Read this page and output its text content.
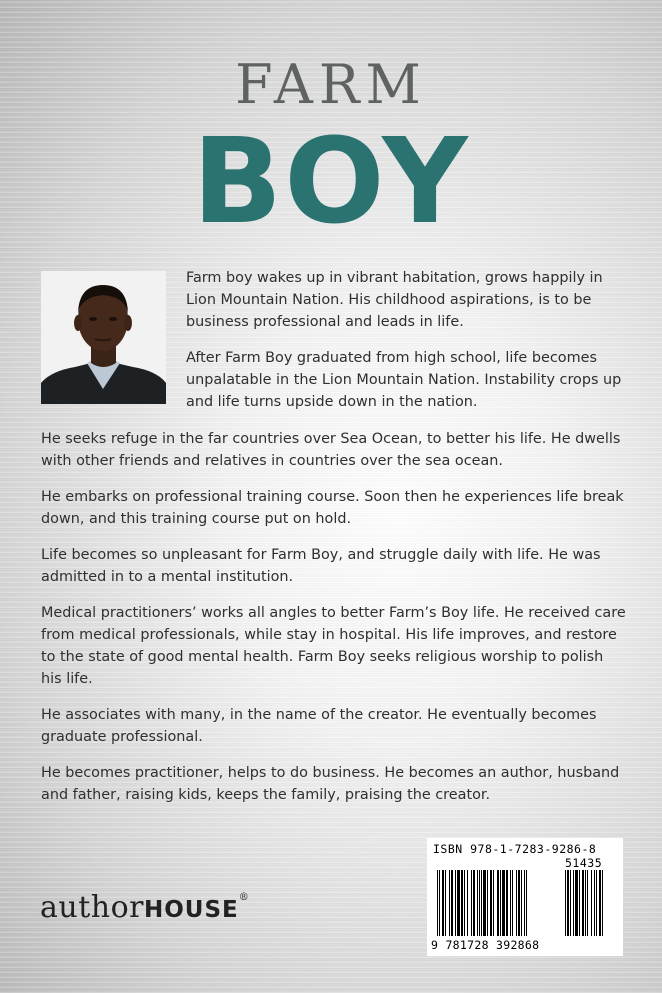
FARM
BOY

Farm boy wakes up in vibrant habitation, grows happily in Lion Mountain Nation. His childhood aspirations, is to be business professional and leads in life.

After Farm Boy graduated from high school, life becomes unpalatable in the Lion Mountain Nation. Instability crops up and life turns upside down in the nation.

He seeks refuge in the far countries over Sea Ocean, to better his life. He dwells with other friends and relatives in countries over the sea ocean.

He embarks on professional training course. Soon then he experiences life break down, and this training course put on hold.

Life becomes so unpleasant for Farm Boy, and struggle daily with life. He was admitted in to a mental institution.

Medical practitioners’ works all angles to better Farm’s Boy life. He received care from medical professionals, while stay in hospital. His life improves, and restore to the state of good mental health. Farm Boy seeks religious worship to polish his life.

He associates with many, in the name of the creator. He eventually becomes graduate professional.

He becomes practitioner, helps to do business. He becomes an author, husband and father, raising kids, keeps the family, praising the creator.

authorHOUSE®
ISBN 978-1-7283-9286-8
51435
9 781728 392868
